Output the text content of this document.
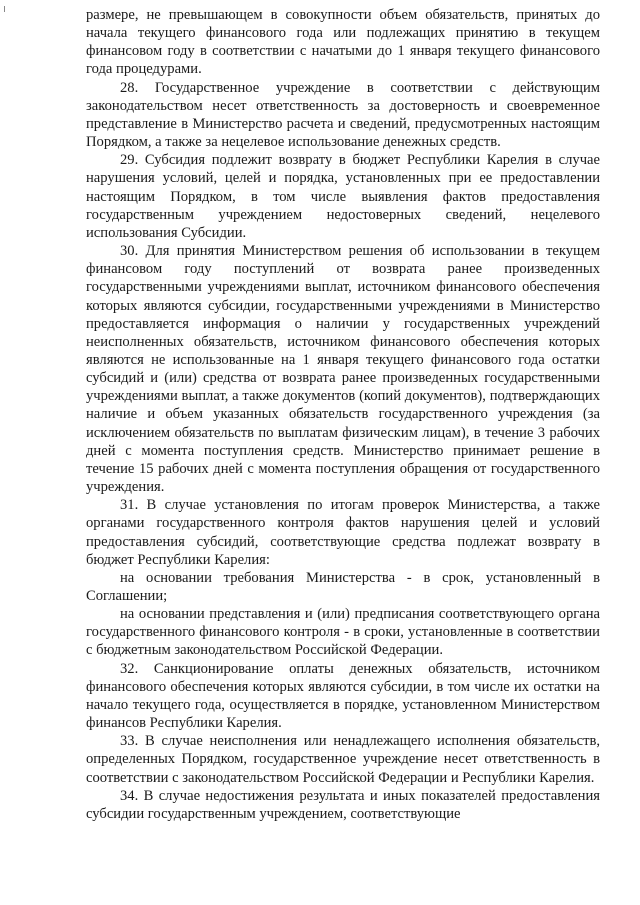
размере, не превышающем в совокупности объем обязательств, принятых до начала текущего финансового года или подлежащих принятию в текущем финансовом году в соответствии с начатыми до 1 января текущего финансового года процедурами.

28. Государственное учреждение в соответствии с действующим законодательством несет ответственность за достоверность и своевременное представление в Министерство расчета и сведений, предусмотренных настоящим Порядком, а также за нецелевое использование денежных средств.

29. Субсидия подлежит возврату в бюджет Республики Карелия в случае нарушения условий, целей и порядка, установленных при ее предоставлении настоящим Порядком, в том числе выявления фактов предоставления государственным учреждением недостоверных сведений, нецелевого использования Субсидии.

30. Для принятия Министерством решения об использовании в текущем финансовом году поступлений от возврата ранее произведенных государственными учреждениями выплат, источником финансового обеспечения которых являются субсидии, государственными учреждениями в Министерство предоставляется информация о наличии у государственных учреждений неисполненных обязательств, источником финансового обеспечения которых являются не использованные на 1 января текущего финансового года остатки субсидий и (или) средства от возврата ранее произведенных государственными учреждениями выплат, а также документов (копий документов), подтверждающих наличие и объем указанных обязательств государственного учреждения (за исключением обязательств по выплатам физическим лицам), в течение 3 рабочих дней с момента поступления средств. Министерство принимает решение в течение 15 рабочих дней с момента поступления обращения от государственного учреждения.

31. В случае установления по итогам проверок Министерства, а также органами государственного контроля фактов нарушения целей и условий предоставления субсидий, соответствующие средства подлежат возврату в бюджет Республики Карелия:

на основании требования Министерства - в срок, установленный в Соглашении;

на основании представления и (или) предписания соответствующего органа государственного финансового контроля - в сроки, установленные в соответствии с бюджетным законодательством Российской Федерации.

32. Санкционирование оплаты денежных обязательств, источником финансового обеспечения которых являются субсидии, в том числе их остатки на начало текущего года, осуществляется в порядке, установленном Министерством финансов Республики Карелия.

33. В случае неисполнения или ненадлежащего исполнения обязательств, определенных Порядком, государственное учреждение несет ответственность в соответствии с законодательством Российской Федерации и Республики Карелия.

34. В случае недостижения результата и иных показателей предоставления субсидии государственным учреждением, соответствующие
